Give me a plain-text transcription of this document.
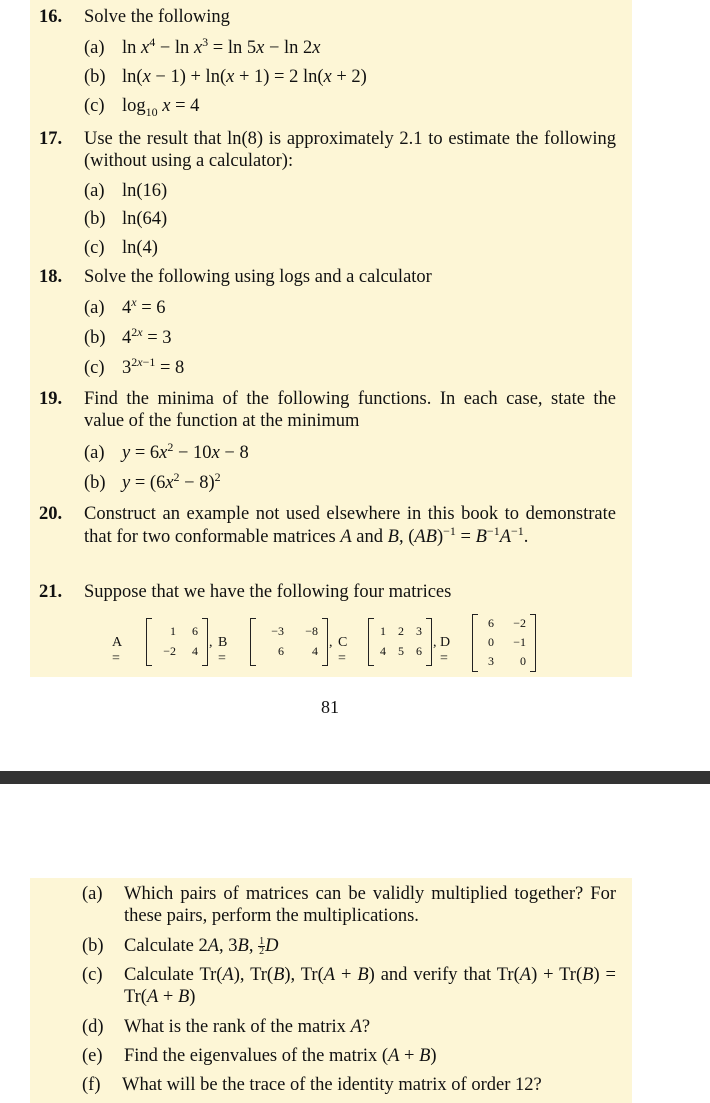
16. Solve the following
(a) $\ln x^4 - \ln x^3 = \ln 5x - \ln 2x$
(b) ln(x − 1) + ln(x + 1) = 2 ln(x + 2)
(c) $\log_{10} x = 4$
17. Use the result that ln(8) is approximately 2.1 to estimate the following (without using a calculator):
(a) ln(16)
(b) ln(64)
(c) ln(4)
18. Solve the following using logs and a calculator
(a) $4^x = 6$
(b) $4^{2x} = 3$
(c) $3^{2x-1} = 8$
19. Find the minima of the following functions. In each case, state the value of the function at the minimum
(a) $y = 6x^2 - 10x - 8$
(b) $y = (6x^2 - 8)^2$
20. Construct an example not used elsewhere in this book to demonstrate that for two conformable matrices A and B, $(AB)^{-1} = B^{-1}A^{-1}$.
21. Suppose that we have the following four matrices
A =
1	6
−2	4
, B =
−3	−8
6	4
, C =
1	2	3
4	5	6
, D =
6	−2
0	−1
3	0
81
(a) Which pairs of matrices can be validly multiplied together? For these pairs, perform the multiplications.
(b) Calculate 2A, 3B, $\frac{1}{2}$ D
(c) Calculate Tr(A), Tr(B), Tr(A + B) and verify that Tr(A) + Tr(B) = Tr(A + B)
(d) What is the rank of the matrix A?
(e) Find the eigenvalues of the matrix (A + B)
(f) What will be the trace of the identity matrix of order 12?
